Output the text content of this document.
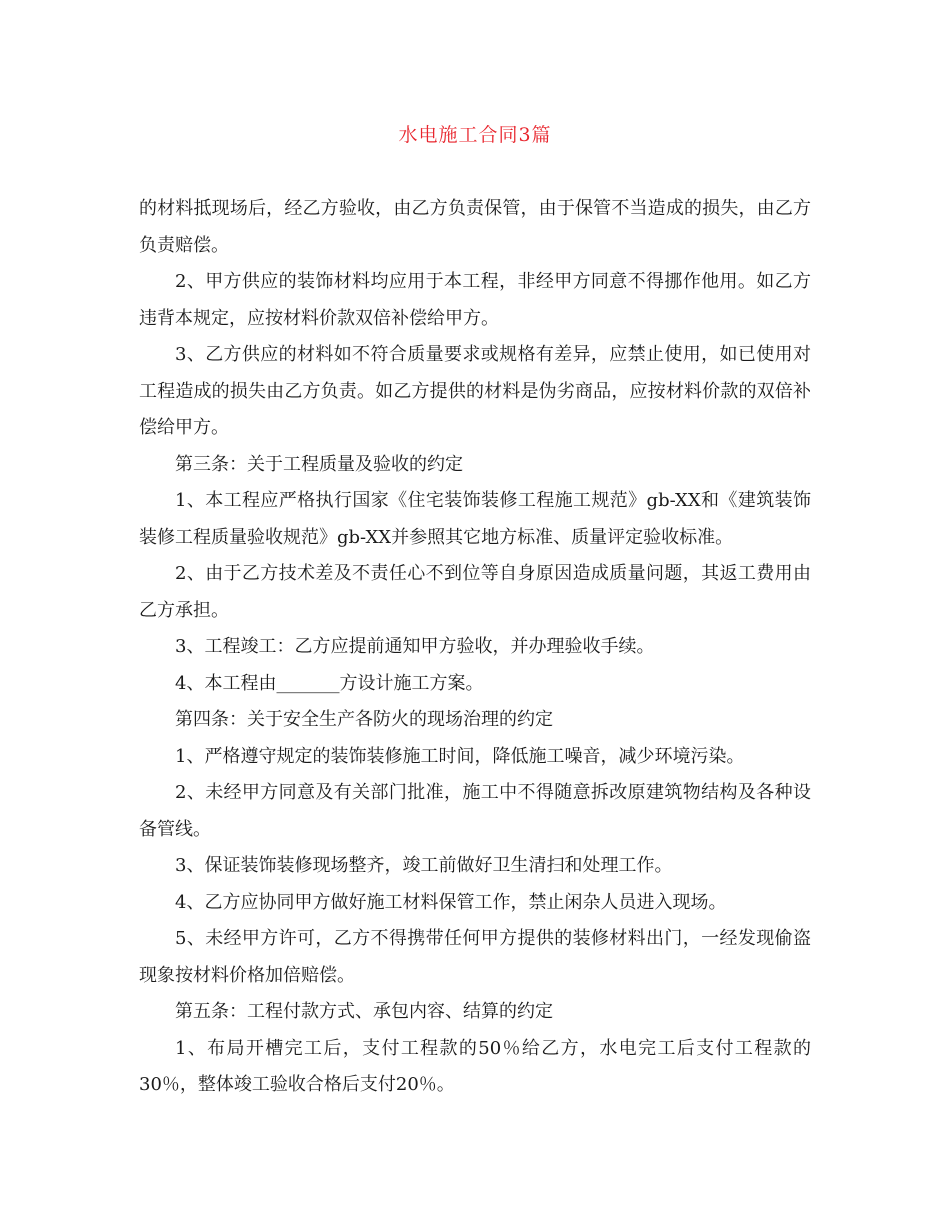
水电施工合同3篇

的材料抵现场后，经乙方验收，由乙方负责保管，由于保管不当造成的损失，由乙方负责赔偿。

2、甲方供应的装饰材料均应用于本工程，非经甲方同意不得挪作他用。如乙方违背本规定，应按材料价款双倍补偿给甲方。

3、乙方供应的材料如不符合质量要求或规格有差异，应禁止使用，如已使用对工程造成的损失由乙方负责。如乙方提供的材料是伪劣商品，应按材料价款的双倍补偿给甲方。

第三条：关于工程质量及验收的约定

1、本工程应严格执行国家《住宅装饰装修工程施工规范》gb-XX和《建筑装饰装修工程质量验收规范》gb-XX并参照其它地方标准、质量评定验收标准。

2、由于乙方技术差及不责任心不到位等自身原因造成质量问题，其返工费用由乙方承担。

3、工程竣工：乙方应提前通知甲方验收，并办理验收手续。

4、本工程由_______方设计施工方案。

第四条：关于安全生产各防火的现场治理的约定

1、严格遵守规定的装饰装修施工时间，降低施工噪音，减少环境污染。

2、未经甲方同意及有关部门批准，施工中不得随意拆改原建筑物结构及各种设备管线。

3、保证装饰装修现场整齐，竣工前做好卫生清扫和处理工作。

4、乙方应协同甲方做好施工材料保管工作，禁止闲杂人员进入现场。

5、未经甲方许可，乙方不得携带任何甲方提供的装修材料出门，一经发现偷盗现象按材料价格加倍赔偿。

第五条：工程付款方式、承包内容、结算的约定

1、布局开槽完工后，支付工程款的50％给乙方，水电完工后支付工程款的30％，整体竣工验收合格后支付20％。
